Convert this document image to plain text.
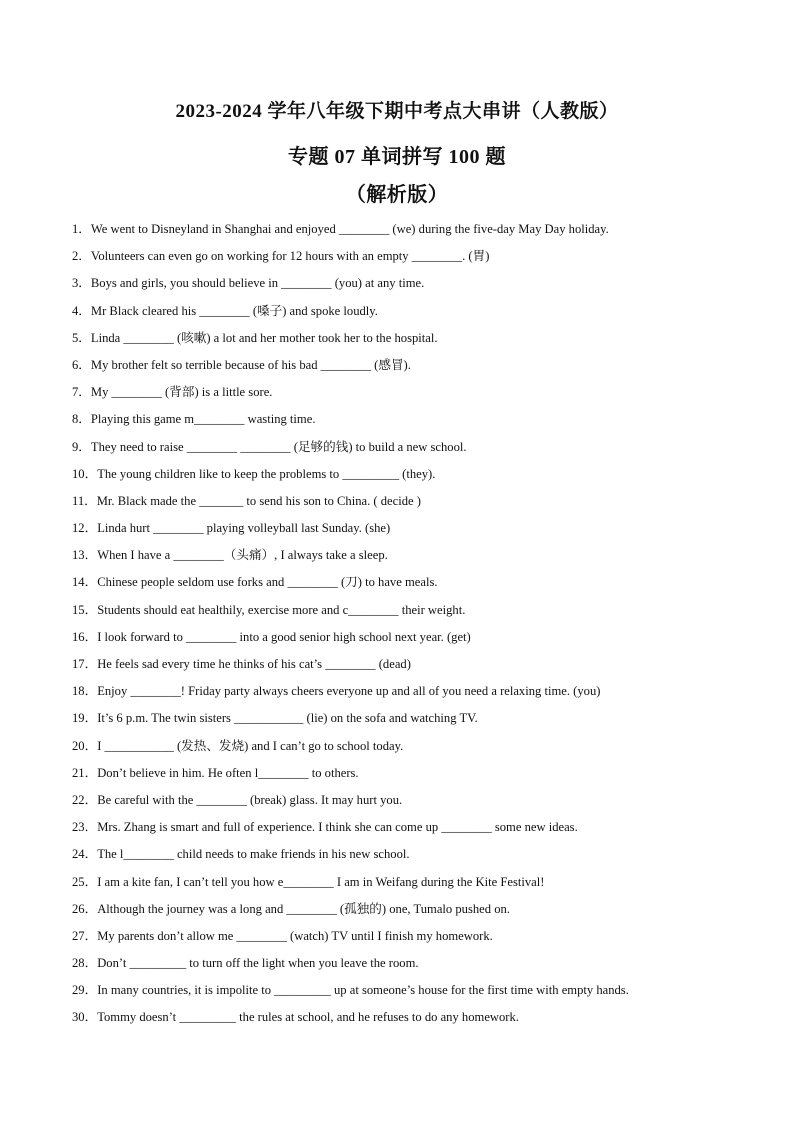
2023-2024 学年八年级下期中考点大串讲（人教版）
专题 07 单词拼写 100 题
（解析版）
1．We went to Disneyland in Shanghai and enjoyed ________ (we) during the five-day May Day holiday.
2．Volunteers can even go on working for 12 hours with an empty ________. (胃)
3．Boys and girls, you should believe in ________ (you) at any time.
4．Mr Black cleared his ________ (嗓子) and spoke loudly.
5．Linda ________ (咳嗽) a lot and her mother took her to the hospital.
6．My brother felt so terrible because of his bad ________ (感冒).
7．My ________ (背部) is a little sore.
8．Playing this game m________ wasting time.
9．They need to raise ________ ________ (足够的钱) to build a new school.
10．The young children like to keep the problems to _________ (they).
11．Mr. Black made the _______ to send his son to China. ( decide )
12．Linda hurt ________ playing volleyball last Sunday. (she)
13．When I have a ________（头痛）, I always take a sleep.
14．Chinese people seldom use forks and ________ (刀) to have meals.
15．Students should eat healthily, exercise more and c________ their weight.
16．I look forward to ________ into a good senior high school next year. (get)
17．He feels sad every time he thinks of his cat’s ________ (dead)
18．Enjoy ________! Friday party always cheers everyone up and all of you need a relaxing time. (you)
19．It’s 6 p.m. The twin sisters ___________ (lie) on the sofa and watching TV.
20．I ___________ (发热、发烧) and I can’t go to school today.
21．Don’t believe in him. He often l________ to others.
22．Be careful with the ________ (break) glass. It may hurt you.
23．Mrs. Zhang is smart and full of experience. I think she can come up ________ some new ideas.
24．The l________ child needs to make friends in his new school.
25．I am a kite fan, I can’t tell you how e________ I am in Weifang during the Kite Festival!
26．Although the journey was a long and ________ (孤独的) one, Tumalo pushed on.
27．My parents don’t allow me ________ (watch) TV until I finish my homework.
28．Don’t _________ to turn off the light when you leave the room.
29．In many countries, it is impolite to _________ up at someone’s house for the first time with empty hands.
30．Tommy doesn’t _________ the rules at school, and he refuses to do any homework.
